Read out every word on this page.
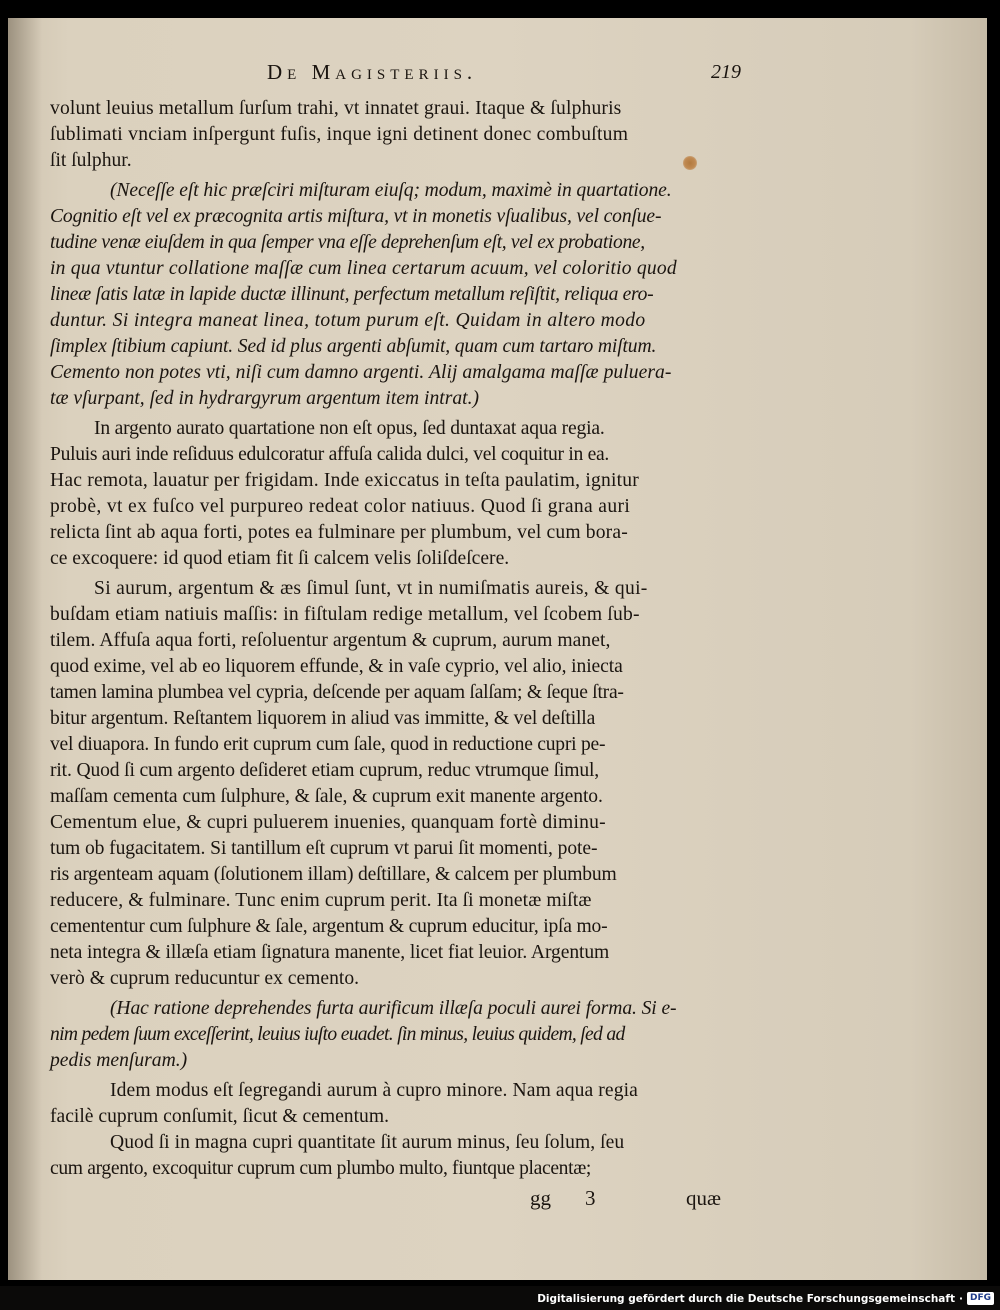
De Magisteriis.	219
volunt leuius metallum ſurſum trahi, vt innatet graui. Itaque & ſulphuris
ſublimati vnciam inſpergunt fuſis, inque igni detinent donec combuſtum
ſit ſulphur.
(Neceſſe eſt hic præſciri miſturam eiuſq; modum, maximè in quartatione.
Cognitio eſt vel ex præcognita artis miſtura, vt in monetis vſualibus, vel conſue-
tudine venæ eiuſdem in qua ſemper vna eſſe deprehenſum eſt, vel ex probatione,
in qua vtuntur collatione maſſæ cum linea certarum acuum, vel coloritio quod
lineæ ſatis latæ in lapide ductæ illinunt, perfectum metallum reſiſtit, reliqua ero-
duntur. Si integra maneat linea, totum purum eſt. Quidam in altero modo
ſimplex ſtibium capiunt. Sed id plus argenti abſumit, quam cum tartaro miſtum.
Cemento non potes vti, niſi cum damno argenti. Alij amalgama maſſæ puluera-
tæ vſurpant, ſed in hydrargyrum argentum item intrat.)
In argento aurato quartatione non eſt opus, ſed duntaxat aqua regia.
Puluis auri inde reſiduus edulcoratur affuſa calida dulci, vel coquitur in ea.
Hac remota, lauatur per frigidam. Inde exiccatus in teſta paulatim, ignitur
probè, vt ex fuſco vel purpureo redeat color natiuus. Quod ſi grana auri
relicta ſint ab aqua forti, potes ea fulminare per plumbum, vel cum bora-
ce excoquere: id quod etiam fit ſi calcem velis ſoliſdeſcere.
Si aurum, argentum & æs ſimul ſunt, vt in numiſmatis aureis, & qui-
buſdam etiam natiuis maſſis: in fiſtulam redige metallum, vel ſcobem ſub-
tilem. Affuſa aqua forti, reſoluentur argentum & cuprum, aurum manet,
quod exime, vel ab eo liquorem effunde, & in vaſe cyprio, vel alio, iniecta
tamen lamina plumbea vel cypria, deſcende per aquam ſalſam; & ſeque ſtra-
bitur argentum. Reſtantem liquorem in aliud vas immitte, & vel deſtilla
vel diuapora. In fundo erit cuprum cum ſale, quod in reductione cupri pe-
rit. Quod ſi cum argento deſideret etiam cuprum, reduc vtrumque ſimul,
maſſam cementa cum ſulphure, & ſale, & cuprum exit manente argento.
Cementum elue, & cupri puluerem inuenies, quanquam fortè diminu-
tum ob fugacitatem. Si tantillum eſt cuprum vt parui ſit momenti, pote-
ris argenteam aquam (ſolutionem illam) deſtillare, & calcem per plumbum
reducere, & fulminare. Tunc enim cuprum perit. Ita ſi monetæ miſtæ
cemententur cum ſulphure & ſale, argentum & cuprum educitur, ipſa mo-
neta integra & illæſa etiam ſignatura manente, licet fiat leuior. Argentum
verò & cuprum reducuntur ex cemento.
(Hac ratione deprehendes furta aurificum illæſa poculi aurei forma. Si e-
nim pedem ſuum exceſſerint, leuius iuſto euadet. ſin minus, leuius quidem, ſed ad
pedis menſuram.)
Idem modus eſt ſegregandi aurum à cupro minore. Nam aqua regia
facilè cuprum conſumit, ſicut & cementum.
Quod ſi in magna cupri quantitate ſit aurum minus, ſeu ſolum, ſeu
cum argento, excoquitur cuprum cum plumbo multo, fiuntque placentæ;
gg 3	quæ
Digitalisierung gefördert durch die Deutsche Forschungsgemeinschaft · DFG
